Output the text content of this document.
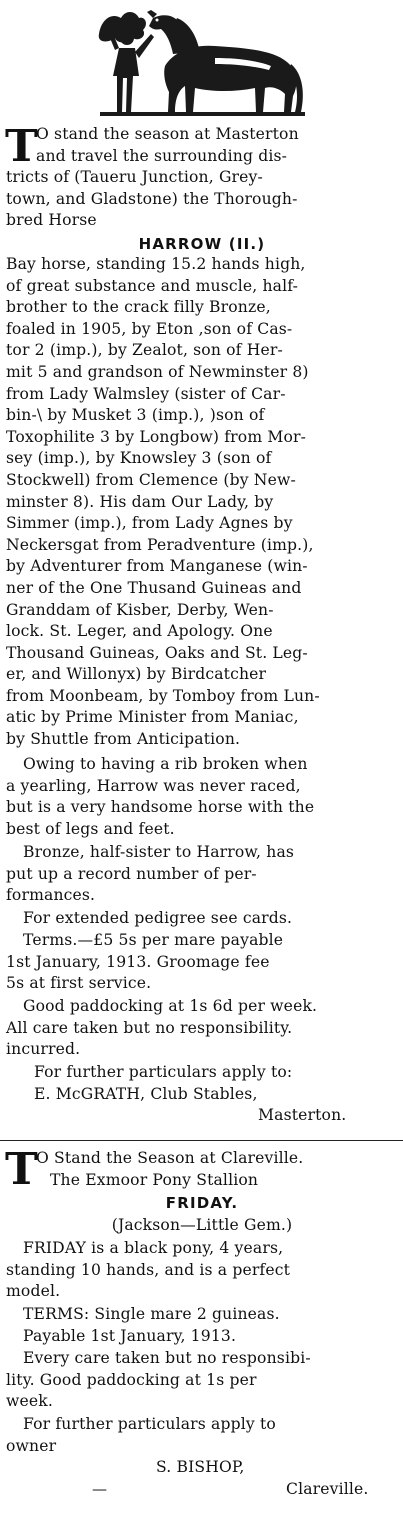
T
O stand the season at Masterton
and travel the surrounding dis-
tricts of (Taueru Junction, Grey-
town, and Gladstone) the Thorough-
bred Horse
HARROW (II.)
Bay horse, standing 15.2 hands high,
of great substance and muscle, half-
brother to the crack filly Bronze,
foaled in 1905, by Eton ,son of Cas-
tor 2 (imp.), by Zealot, son of Her-
mit 5 and grandson of Newminster 8)
from Lady Walmsley (sister of Car-
bin-\ by Musket 3 (imp.), )son of
Toxophilite 3 by Longbow) from Mor-
sey (imp.), by Knowsley 3 (son of
Stockwell) from Clemence (by New-
minster 8). His dam Our Lady, by
Simmer (imp.), from Lady Agnes by
Neckersgat from Peradventure (imp.),
by Adventurer from Manganese (win-
ner of the One Thusand Guineas and
Granddam of Kisber, Derby, Wen-
lock. St. Leger, and Apology. One
Thousand Guineas, Oaks and St. Leg-
er, and Willonyx) by Birdcatcher
from Moonbeam, by Tomboy from Lun-
atic by Prime Minister from Maniac,
by Shuttle from Anticipation.
Owing to having a rib broken when
a yearling, Harrow was never raced,
but is a very handsome horse with the
best of legs and feet.
Bronze, half-sister to Harrow, has
put up a record number of per-
formances.
For extended pedigree see cards.
Terms.—£5 5s per mare payable
1st January, 1913. Groomage fee
5s at first service.
Good paddocking at 1s 6d per week.
All care taken but no responsibility.
incurred.
For further particulars apply to:
E. McGRATH, Club Stables,
Masterton.
T
O Stand the Season at Clareville.
The Exmoor Pony Stallion
FRIDAY.
(Jackson—Little Gem.)
FRIDAY is a black pony, 4 years,
standing 10 hands, and is a perfect
model.
TERMS: Single mare 2 guineas.
Payable 1st January, 1913.
Every care taken but no responsibi-
lity. Good paddocking at 1s per
week.
For further particulars apply to
owner
S. BISHOP,
Clareville.
—
